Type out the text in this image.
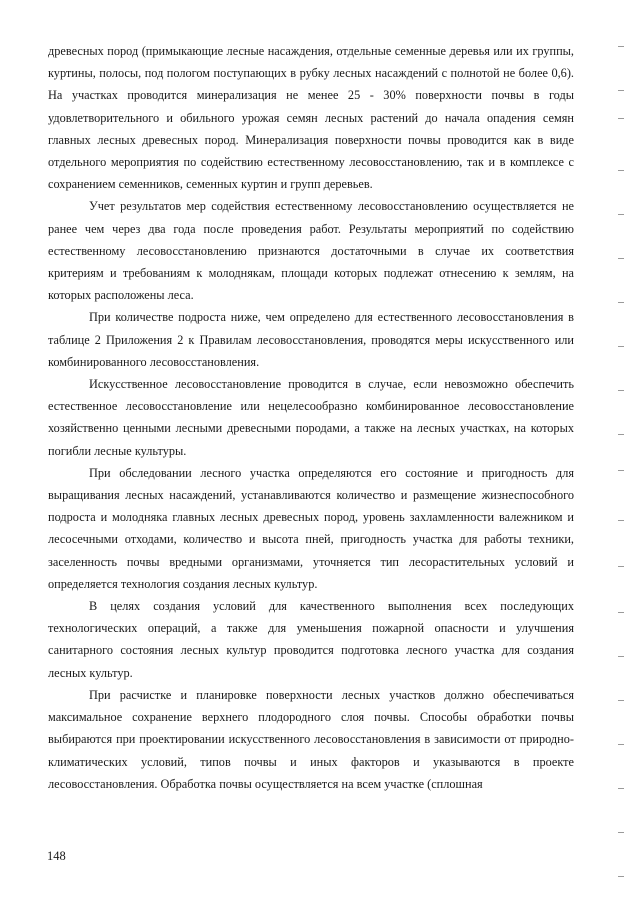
древесных пород (примыкающие лесные насаждения, отдельные семенные деревья или их группы, куртины, полосы, под пологом поступающих в рубку лесных насаждений с полнотой не более 0,6). На участках проводится минерализация не менее 25 - 30% поверхности почвы в годы удовлетворительного и обильного урожая семян лесных растений до начала опадения семян главных лесных древесных пород. Минерализация поверхности почвы проводится как в виде отдельного мероприятия по содействию естественному лесовосстановлению, так и в комплексе с сохранением семенников, семенных куртин и групп деревьев.

Учет результатов мер содействия естественному лесовосстановлению осуществляется не ранее чем через два года после проведения работ. Результаты мероприятий по содействию естественному лесовосстановлению признаются достаточными в случае их соответствия критериям и требованиям к молоднякам, площади которых подлежат отнесению к землям, на которых расположены леса.

При количестве подроста ниже, чем определено для естественного лесовосстановления в таблице 2 Приложения 2 к Правилам лесовосстановления, проводятся меры искусственного или комбинированного лесовосстановления.

Искусственное лесовосстановление проводится в случае, если невозможно обеспечить естественное лесовосстановление или нецелесообразно комбинированное лесовосстановление хозяйственно ценными лесными древесными породами, а также на лесных участках, на которых погибли лесные культуры.

При обследовании лесного участка определяются его состояние и пригодность для выращивания лесных насаждений, устанавливаются количество и размещение жизнеспособного подроста и молодняка главных лесных древесных пород, уровень захламленности валежником и лесосечными отходами, количество и высота пней, пригодность участка для работы техники, заселенность почвы вредными организмами, уточняется тип лесорастительных условий и определяется технология создания лесных культур.

В целях создания условий для качественного выполнения всех последующих технологических операций, а также для уменьшения пожарной опасности и улучшения санитарного состояния лесных культур проводится подготовка лесного участка для создания лесных культур.

При расчистке и планировке поверхности лесных участков должно обеспечиваться максимальное сохранение верхнего плодородного слоя почвы. Способы обработки почвы выбираются при проектировании искусственного лесовосстановления в зависимости от природно-климатических условий, типов почвы и иных факторов и указываются в проекте лесовосстановления. Обработка почвы осуществляется на всем участке (сплошная

148
